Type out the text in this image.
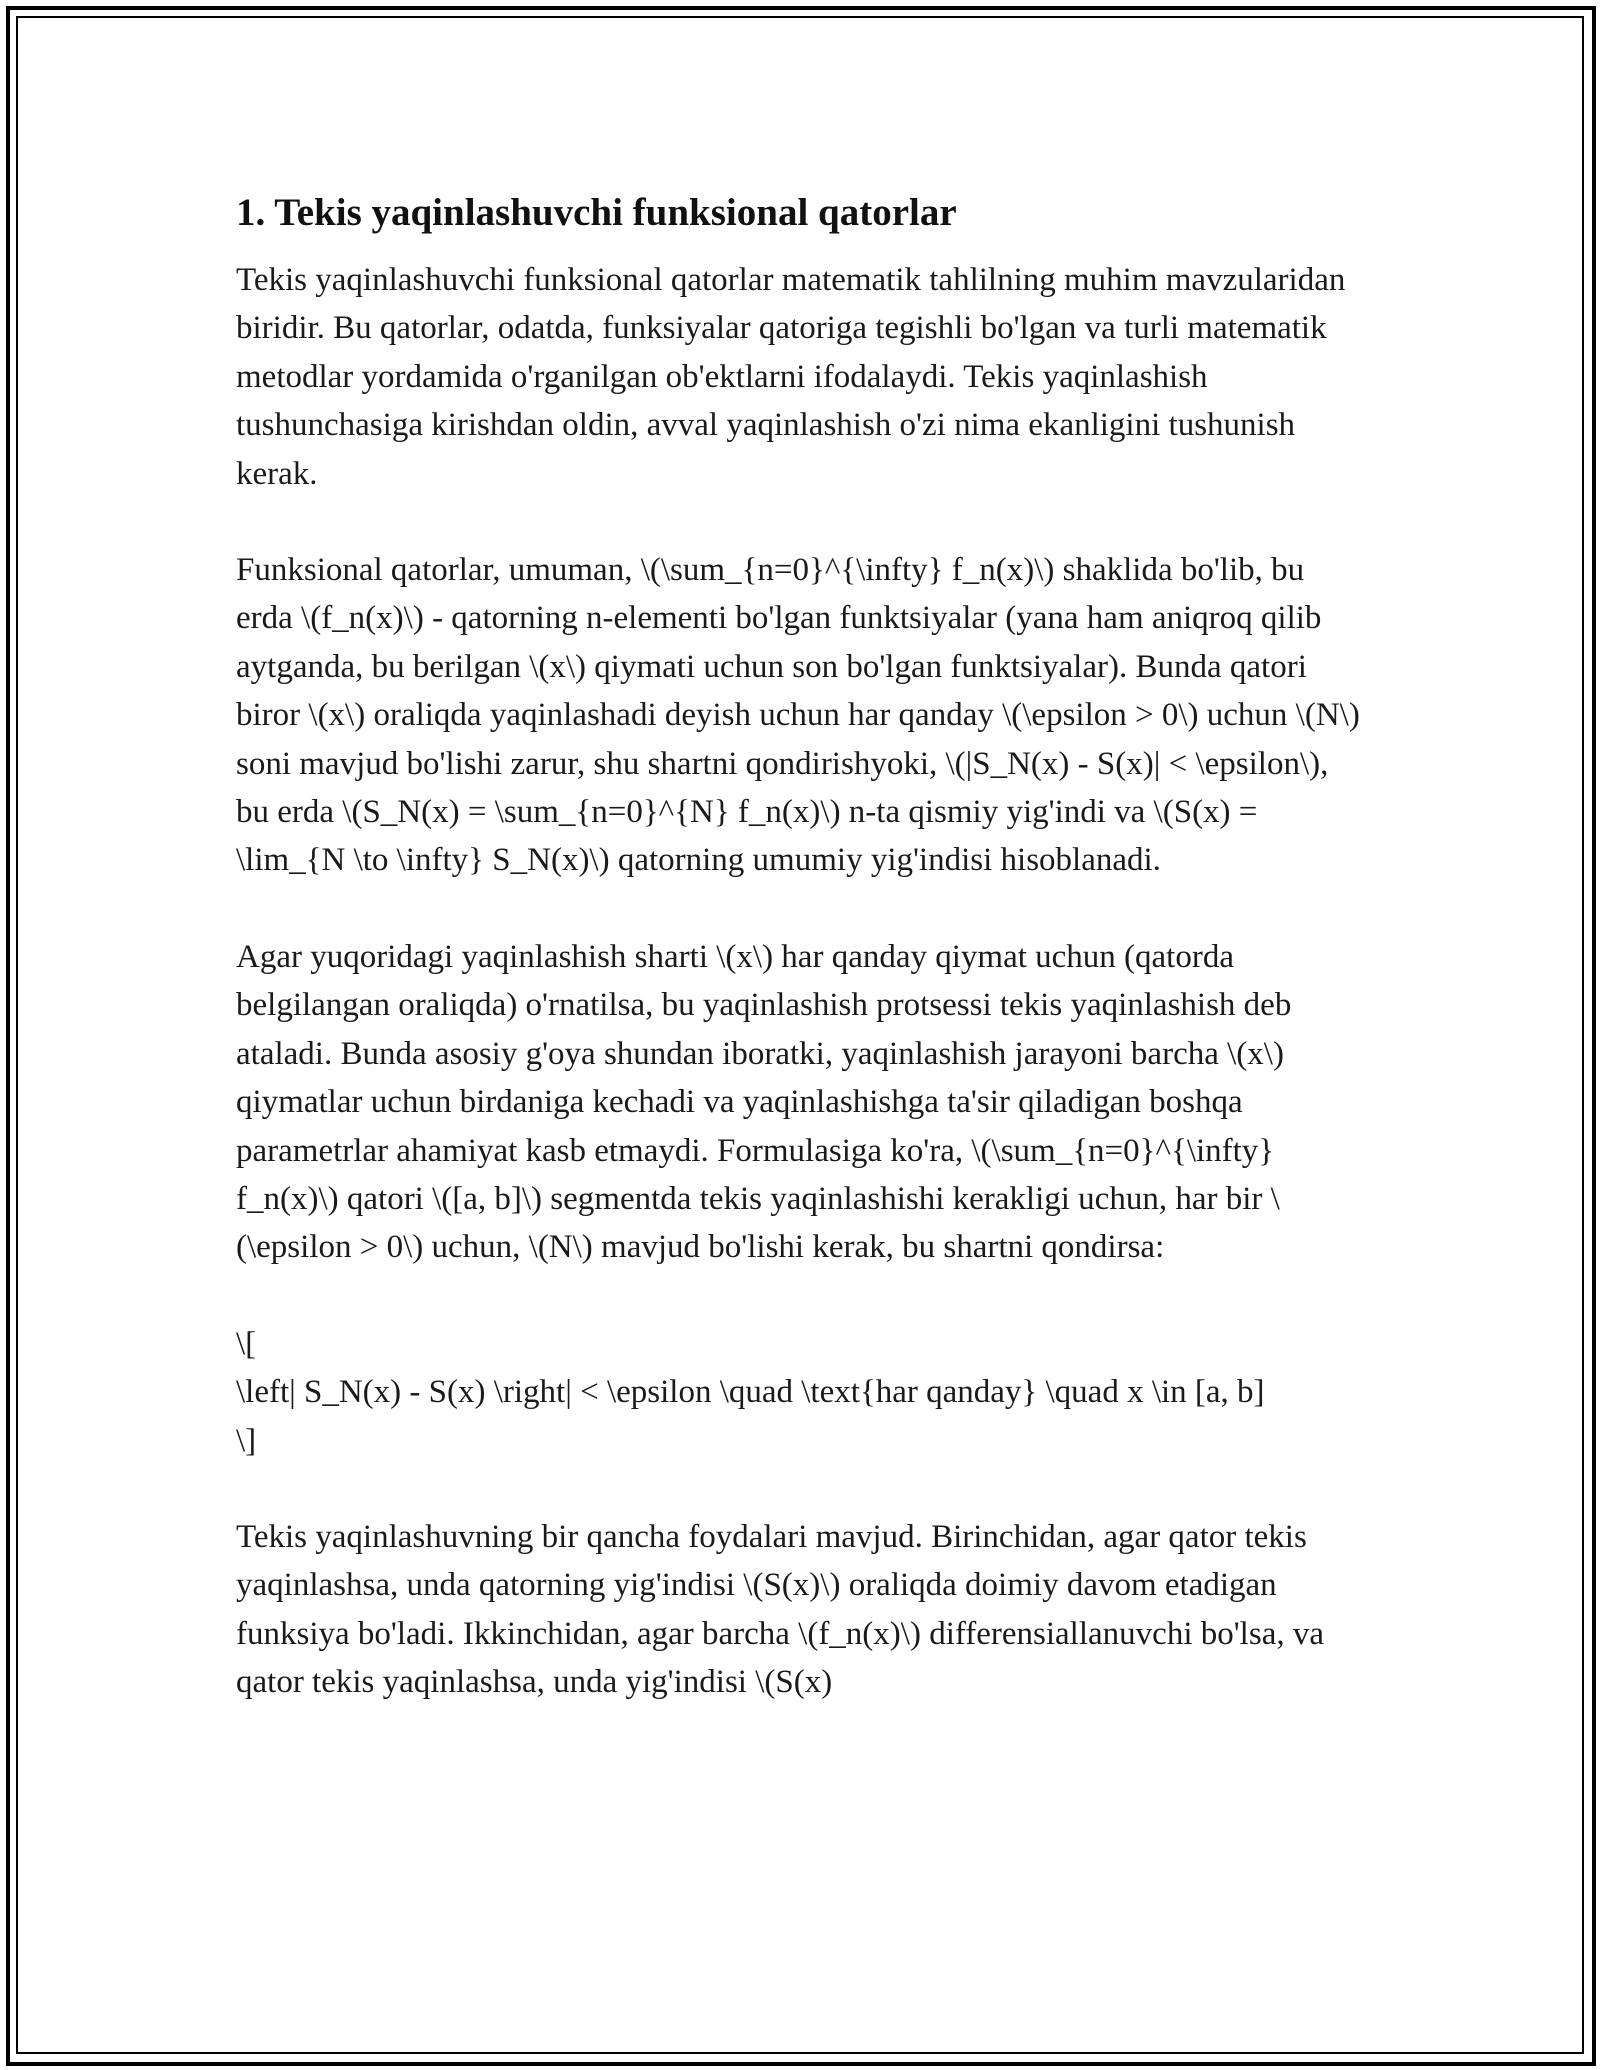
1. Tekis yaqinlashuvchi funksional qatorlar

Tekis yaqinlashuvchi funksional qatorlar matematik tahlilning muhim mavzularidan biridir. Bu qatorlar, odatda, funksiyalar qatoriga tegishli bo'lgan va turli matematik metodlar yordamida o'rganilgan ob'ektlarni ifodalaydi. Tekis yaqinlashish tushunchasiga kirishdan oldin, avval yaqinlashish o'zi nima ekanligini tushunish kerak.

Funksional qatorlar, umuman, \(\sum_{n=0}^{\infty} f_n(x)\) shaklida bo'lib, bu erda \(f_n(x)\) - qatorning n-elementi bo'lgan funktsiyalar (yana ham aniqroq qilib aytganda, bu berilgan \(x\) qiymati uchun son bo'lgan funktsiyalar). Bunda qatori biror \(x\) oraliqda yaqinlashadi deyish uchun har qanday \(\epsilon > 0\) uchun \(N\) soni mavjud bo'lishi zarur, shu shartni qondirishyoki, \(|S_N(x) - S(x)| < \epsilon\), bu erda \(S_N(x) = \sum_{n=0}^{N} f_n(x)\) n-ta qismiy yig'indi va \(S(x) = \lim_{N \to \infty} S_N(x)\) qatorning umumiy yig'indisi hisoblanadi.

Agar yuqoridagi yaqinlashish sharti \(x\) har qanday qiymat uchun (qatorda belgilangan oraliqda) o'rnatilsa, bu yaqinlashish protsessi tekis yaqinlashish deb ataladi. Bunda asosiy g'oya shundan iboratki, yaqinlashish jarayoni barcha \(x\) qiymatlar uchun birdaniga kechadi va yaqinlashishga ta'sir qiladigan boshqa parametrlar ahamiyat kasb etmaydi. Formulasiga ko'ra, \(\sum_{n=0}^{\infty} f_n(x)\) qatori \([a, b]\) segmentda tekis yaqinlashishi kerakligi uchun, har bir \(\epsilon > 0\) uchun, \(N\) mavjud bo'lishi kerak, bu shartni qondirsa:

\[
\left| S_N(x) - S(x) \right| < \epsilon \quad \text{har qanday} \quad x \in [a, b]
\]

Tekis yaqinlashuvning bir qancha foydalari mavjud. Birinchidan, agar qator tekis yaqinlashsa, unda qatorning yig'indisi \(S(x)\) oraliqda doimiy davom etadigan funksiya bo'ladi. Ikkinchidan, agar barcha \(f_n(x)\) differensiallanuvchi bo'lsa, va qator tekis yaqinlashsa, unda yig'indisi \(S(x)
